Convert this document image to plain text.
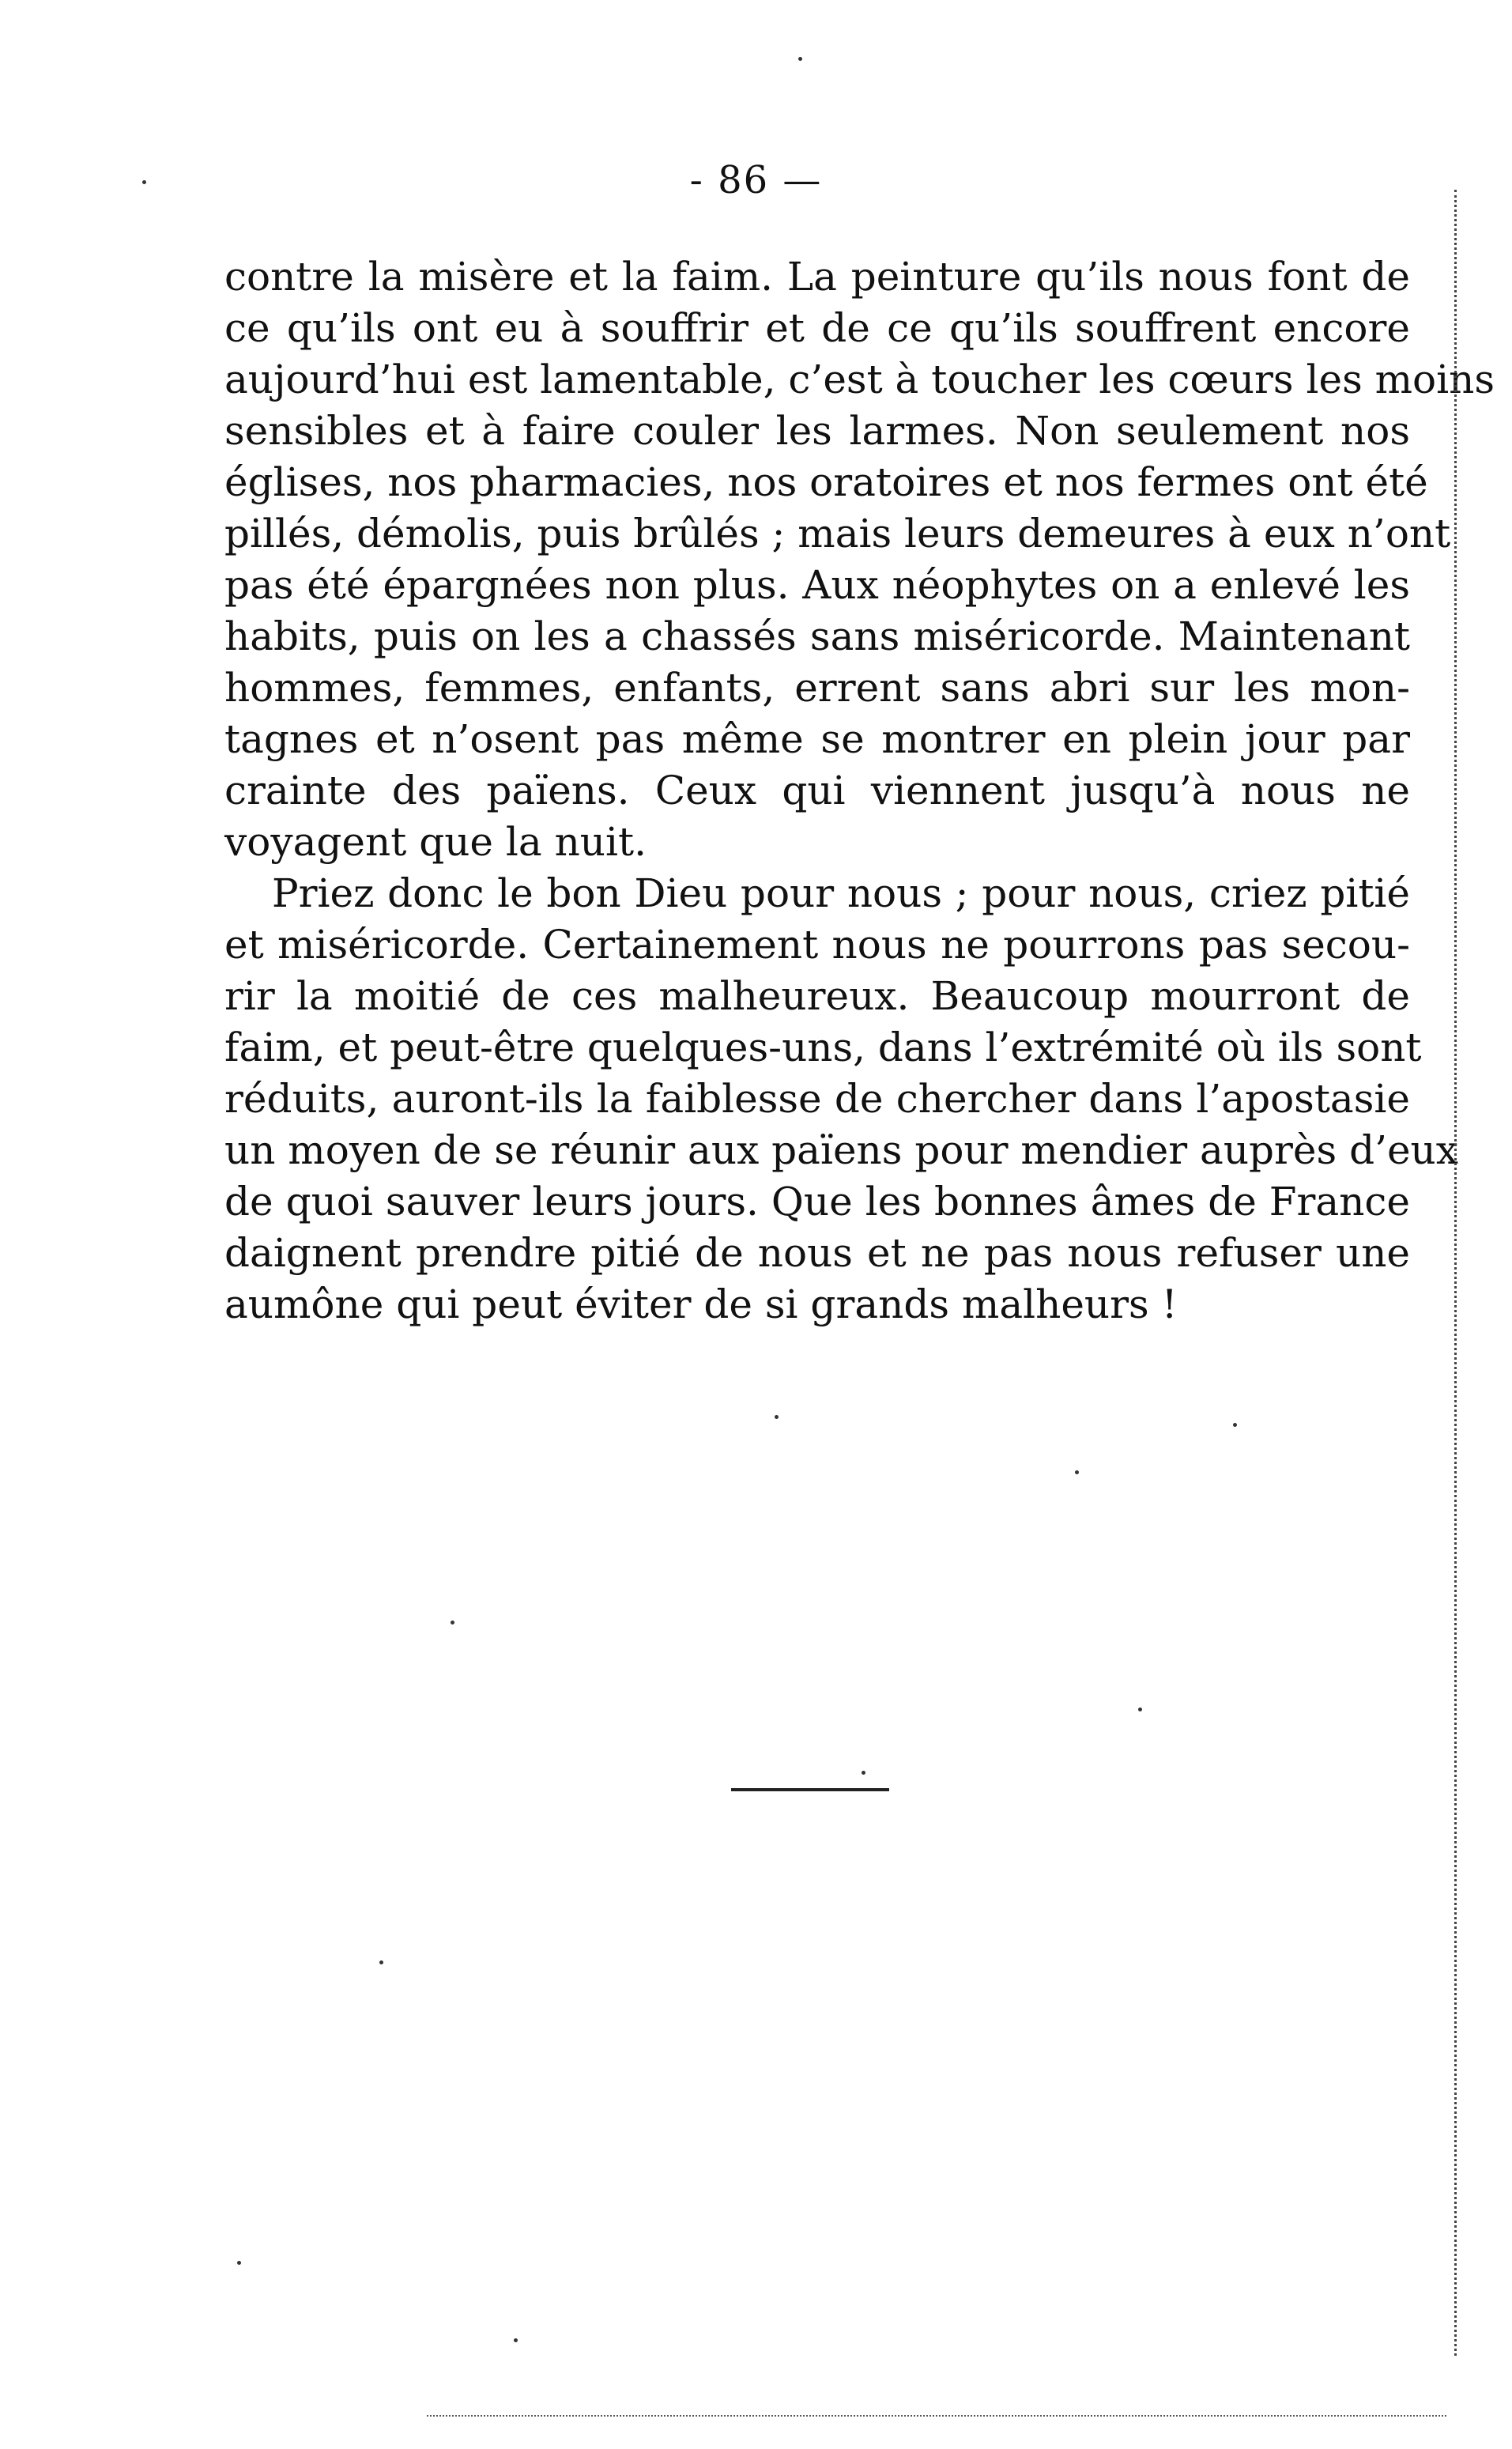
- 86 —
contre la misère et la faim. La peinture qu’ils nous font de
ce qu’ils ont eu à souffrir et de ce qu’ils souffrent encore
aujourd’hui est lamentable, c’est à toucher les cœurs les moins
sensibles et à faire couler les larmes. Non seulement nos
églises, nos pharmacies, nos oratoires et nos fermes ont été
pillés, démolis, puis brûlés ; mais leurs demeures à eux n’ont
pas été épargnées non plus. Aux néophytes on a enlevé les
habits, puis on les a chassés sans miséricorde. Maintenant
hommes, femmes, enfants, errent sans abri sur les mon-
tagnes et n’osent pas même se montrer en plein jour par
crainte des païens. Ceux qui viennent jusqu’à nous ne
voyagent que la nuit.
Priez donc le bon Dieu pour nous ; pour nous, criez pitié
et miséricorde. Certainement nous ne pourrons pas secou-
rir la moitié de ces malheureux. Beaucoup mourront de
faim, et peut-être quelques-uns, dans l’extrémité où ils sont
réduits, auront-ils la faiblesse de chercher dans l’apostasie
un moyen de se réunir aux païens pour mendier auprès d’eux
de quoi sauver leurs jours. Que les bonnes âmes de France
daignent prendre pitié de nous et ne pas nous refuser une
aumône qui peut éviter de si grands malheurs !
